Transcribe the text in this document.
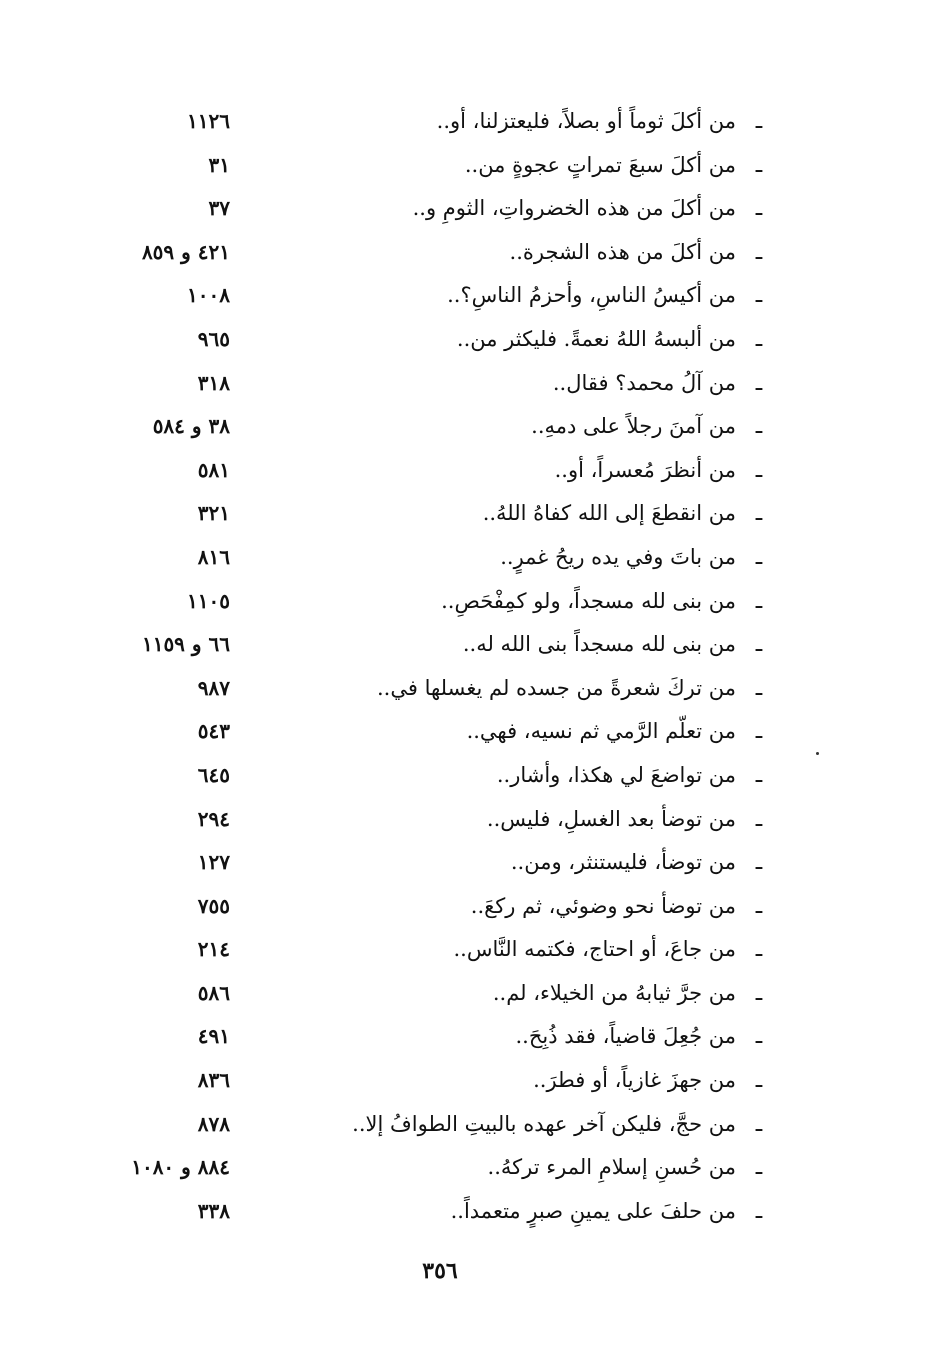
ـ
من أكلَ ثوماً أو بصلاً، فليعتزلنا، أو..
١١٢٦
ـ
من أكلَ سبعَ تمراتٍ عجوةٍ من..
٣١
ـ
من أكلَ من هذه الخضرواتِ، الثومِ و..
٣٧
ـ
من أكلَ من هذه الشجرة..
٤٢١ و ٨٥٩
ـ
من أكيسُ الناسِ، وأحزمُ الناسِ؟..
١٠٠٨
ـ
من ألبسهُ اللهُ نعمةً. فليكثر من..
٩٦٥
ـ
من آلُ محمد؟ فقال..
٣١٨
ـ
من آمنَ رجلاً على دمهِ..
٣٨ و ٥٨٤
ـ
من أنظرَ مُعسراً، أو..
٥٨١
ـ
من انقطعَ إلى الله كفاهُ اللهُ..
٣٢١
ـ
من باتَ وفي يده ريحُ غمرٍ..
٨١٦
ـ
من بنى لله مسجداً، ولو كمِفْحَصِ..
١١٠٥
ـ
من بنى لله مسجداً بنى الله له..
٦٦ و ١١٥٩
ـ
من تركَ شعرةً من جسده لم يغسلها في..
٩٨٧
ـ
من تعلّم الرَّمي ثم نسيه، فهي..
٥٤٣
ـ
من تواضعَ لي هكذا، وأشار..
٦٤٥
ـ
من توضأ بعد الغسلِ، فليس..
٢٩٤
ـ
من توضأ، فليستنثر، ومن..
١٢٧
ـ
من توضأ نحو وضوئي، ثم ركعَ..
٧٥٥
ـ
من جاعَ، أو احتاج، فكتمه النَّاس..
٢١٤
ـ
من جرَّ ثيابهُ من الخيلاء، لم..
٥٨٦
ـ
من جُعِلَ قاضياً، فقد ذُبِحَ..
٤٩١
ـ
من جهزَ غازياً، أو فطرَ..
٨٣٦
ـ
من حجَّ، فليكن آخر عهده بالبيتِ الطوافُ إلا..
٨٧٨
ـ
من حُسنِ إسلامِ المرء تركهُ..
٨٨٤ و ١٠٨٠
ـ
من حلفَ على يمينِ صبرٍ متعمداً..
٣٣٨
٣٥٦
